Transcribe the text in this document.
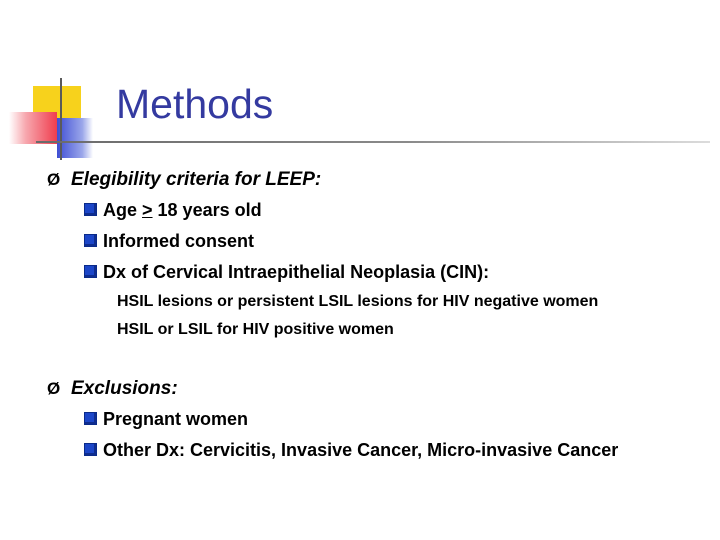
Methods
Ø Elegibility criteria for LEEP:
Age > 18 years old
Informed consent
Dx of Cervical Intraepithelial Neoplasia (CIN):
HSIL lesions or persistent LSIL lesions for HIV negative women
HSIL or LSIL for HIV positive women
Ø Exclusions:
Pregnant women
Other Dx: Cervicitis, Invasive Cancer, Micro-invasive Cancer
